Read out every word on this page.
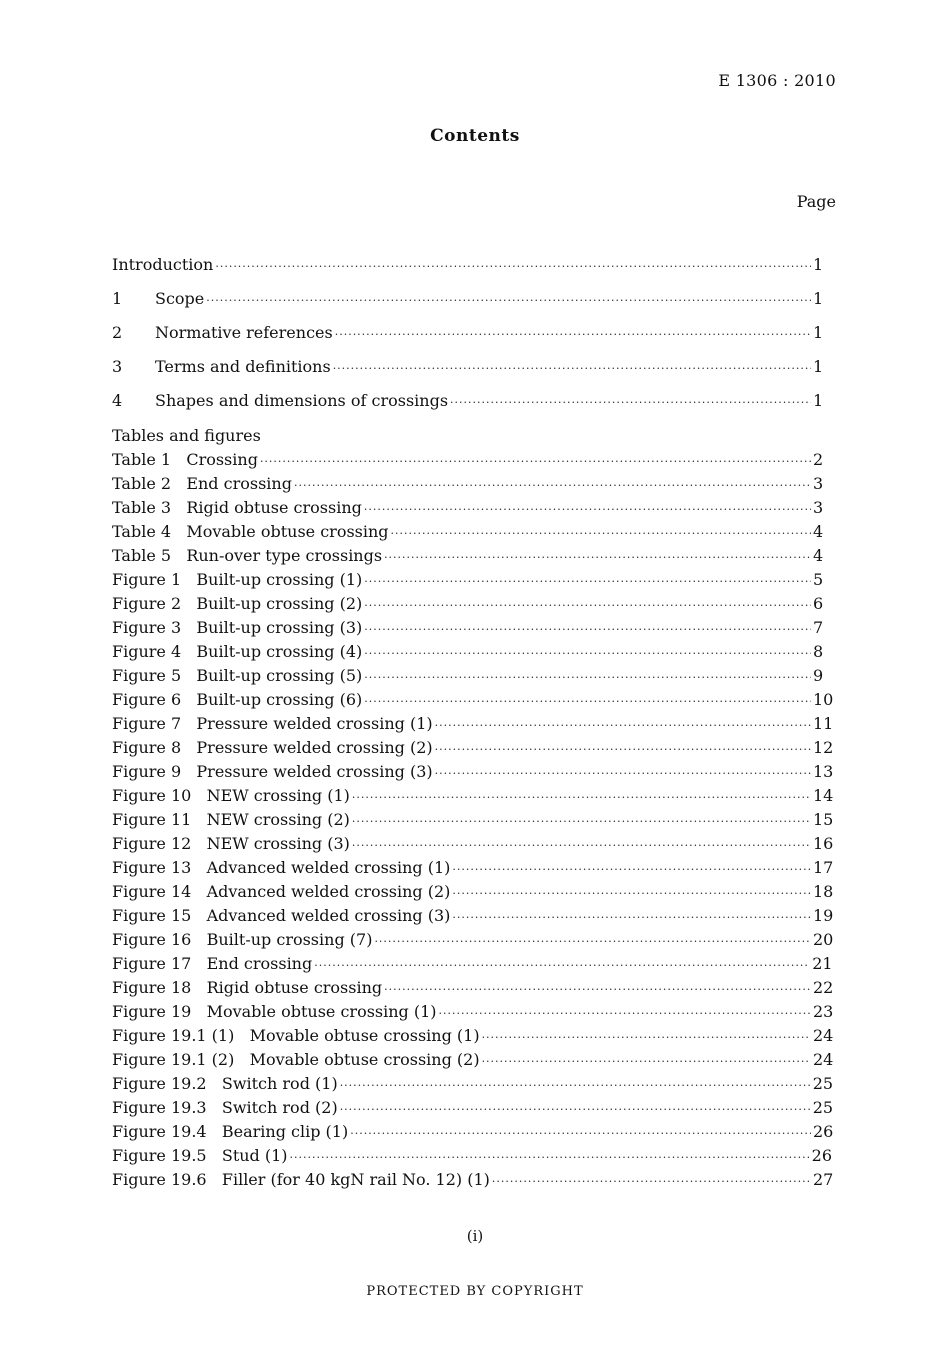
E 1306 : 2010
Contents
Page
Introduction ·····	1
1	Scope ·····	1
2	Normative references ·····	1
3	Terms and definitions ·····	1
4	Shapes and dimensions of crossings ·····	1
Tables and figures
Table 1   Crossing ·····	2
Table 2   End crossing ·····	3
Table 3   Rigid obtuse crossing ·····	3
Table 4   Movable obtuse crossing ·····	4
Table 5   Run-over type crossings ·····	4
Figure 1   Built-up crossing (1) ·····	5
Figure 2   Built-up crossing (2) ·····	6
Figure 3   Built-up crossing (3) ·····	7
Figure 4   Built-up crossing (4) ·····	8
Figure 5   Built-up crossing (5) ·····	9
Figure 6   Built-up crossing (6) ·····	10
Figure 7   Pressure welded crossing (1) ·····	11
Figure 8   Pressure welded crossing (2) ·····	12
Figure 9   Pressure welded crossing (3) ·····	13
Figure 10   NEW crossing (1) ·····	14
Figure 11   NEW crossing (2) ·····	15
Figure 12   NEW crossing (3) ·····	16
Figure 13   Advanced welded crossing (1) ·····	17
Figure 14   Advanced welded crossing (2) ·····	18
Figure 15   Advanced welded crossing (3) ·····	19
Figure 16   Built-up crossing (7) ·····	20
Figure 17   End crossing ·····	21
Figure 18   Rigid obtuse crossing ·····	22
Figure 19   Movable obtuse crossing (1) ·····	23
Figure 19.1 (1)   Movable obtuse crossing (1) ·····	24
Figure 19.1 (2)   Movable obtuse crossing (2) ·····	24
Figure 19.2   Switch rod (1) ·····	25
Figure 19.3   Switch rod (2) ·····	25
Figure 19.4   Bearing clip (1) ·····	26
Figure 19.5   Stud (1) ·····	26
Figure 19.6   Filler (for 40 kgN rail No. 12) (1) ·····	27
(i)
PROTECTED BY COPYRIGHT
